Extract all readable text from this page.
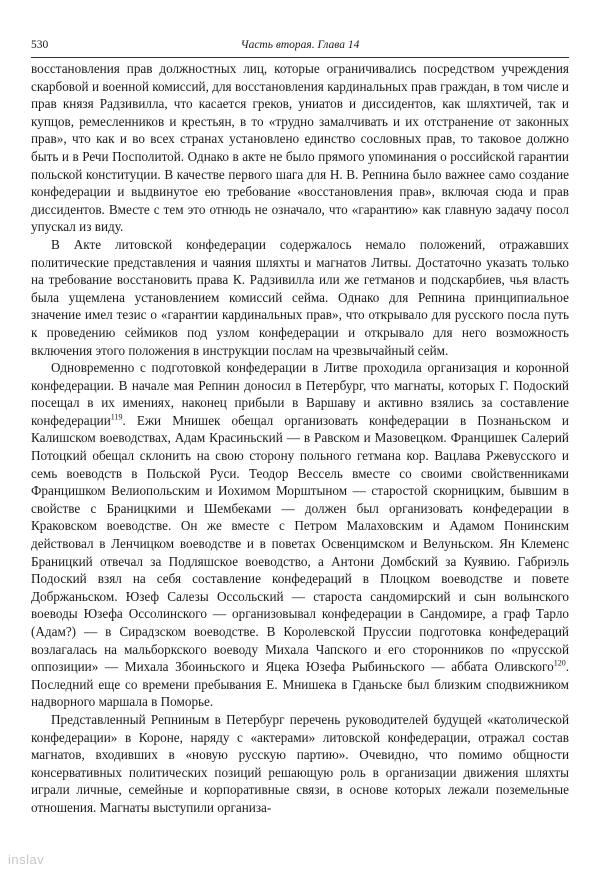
530	Часть вторая. Глава 14

восстановления прав должностных лиц, которые ограничивались посредством учреждения скарбовой и военной комиссий, для восстановления кардинальных прав граждан, в том числе и прав князя Радзивилла, что касается греков, униатов и диссидентов, как шляхтичей, так и купцов, ремесленников и крестьян, в то «трудно замалчивать и их отстранение от законных прав», что как и во всех странах установлено единство сословных прав, то таковое должно быть и в Речи Посполитой. Однако в акте не было прямого упоминания о российской гарантии польской конституции. В качестве первого шага для Н. В. Репнина было важнее само создание конфедерации и выдвинутое ею требование «восстановления прав», включая сюда и прав диссидентов. Вместе с тем это отнюдь не означало, что «гарантию» как главную задачу посол упускал из виду.

В Акте литовской конфедерации содержалось немало положений, отражавших политические представления и чаяния шляхты и магнатов Литвы. Достаточно указать только на требование восстановить права К. Радзивилла или же гетманов и подскарбиев, чья власть была ущемлена установлением комиссий сейма. Однако для Репнина принципиальное значение имел тезис о «гарантии кардинальных прав», что открывало для русского посла путь к проведению сеймиков под узлом конфедерации и открывало для него возможность включения этого положения в инструкции послам на чрезвычайный сейм.

Одновременно с подготовкой конфедерации в Литве проходила организация и коронной конфедерации. В начале мая Репнин доносил в Петербург, что магнаты, которых Г. Подоский посещал в их имениях, наконец прибыли в Варшаву и активно взялись за составление конфедерации$^{119}$. Ежи Мнишек обещал организовать конфедерации в Познаньском и Калишском воеводствах, Адам Красиньский — в Равском и Мазовецком. Францишек Салерий Потоцкий обещал склонить на свою сторону польного гетмана кор. Вацлава Ржевусского и семь воеводств в Польской Руси. Теодор Вессель вместе со своими свойственниками Францишком Велиопольским и Иохимом Морштыном — старостой скорницким, бывшим в свойстве с Браницкими и Шембеками — должен был организовать конфедерации в Краковском воеводстве. Он же вместе с Петром Малаховским и Адамом Понинским действовал в Ленчицком воеводстве и в поветах Освенцимском и Велуньском. Ян Клеменс Браницкий отвечал за Подляшское воеводство, а Антони Домбский за Куявию. Габриэль Подоский взял на себя составление конфедераций в Плоцком воеводстве и повете Добржаньском. Юзеф Салезы Оссольский — староста сандомирский и сын волынского воеводы Юзефа Оссолинского — организовывал конфедерации в Сандомире, а граф Тарло (Адам?) — в Сирадзском воеводстве. В Королевской Пруссии подготовка конфедераций возлагалась на мальборкского воеводу Михала Чапского и его сторонников по «прусской оппозиции» — Михала Збоиньского и Яцека Юзефа Рыбиньского — аббата Оливского$^{120}$. Последний еще со времени пребывания Е. Мнишека в Гданьске был близким сподвижником надворного маршала в Поморье.

Представленный Репниным в Петербург перечень руководителей будущей «католической конфедерации» в Короне, наряду с «актерами» литовской конфедерации, отражал состав магнатов, входивших в «новую русскую партию». Очевидно, что помимо общности консервативных политических позиций решающую роль в организации движения шляхты играли личные, семейные и корпоративные связи, в основе которых лежали поземельные отношения. Магнаты выступили организа-

inslav
